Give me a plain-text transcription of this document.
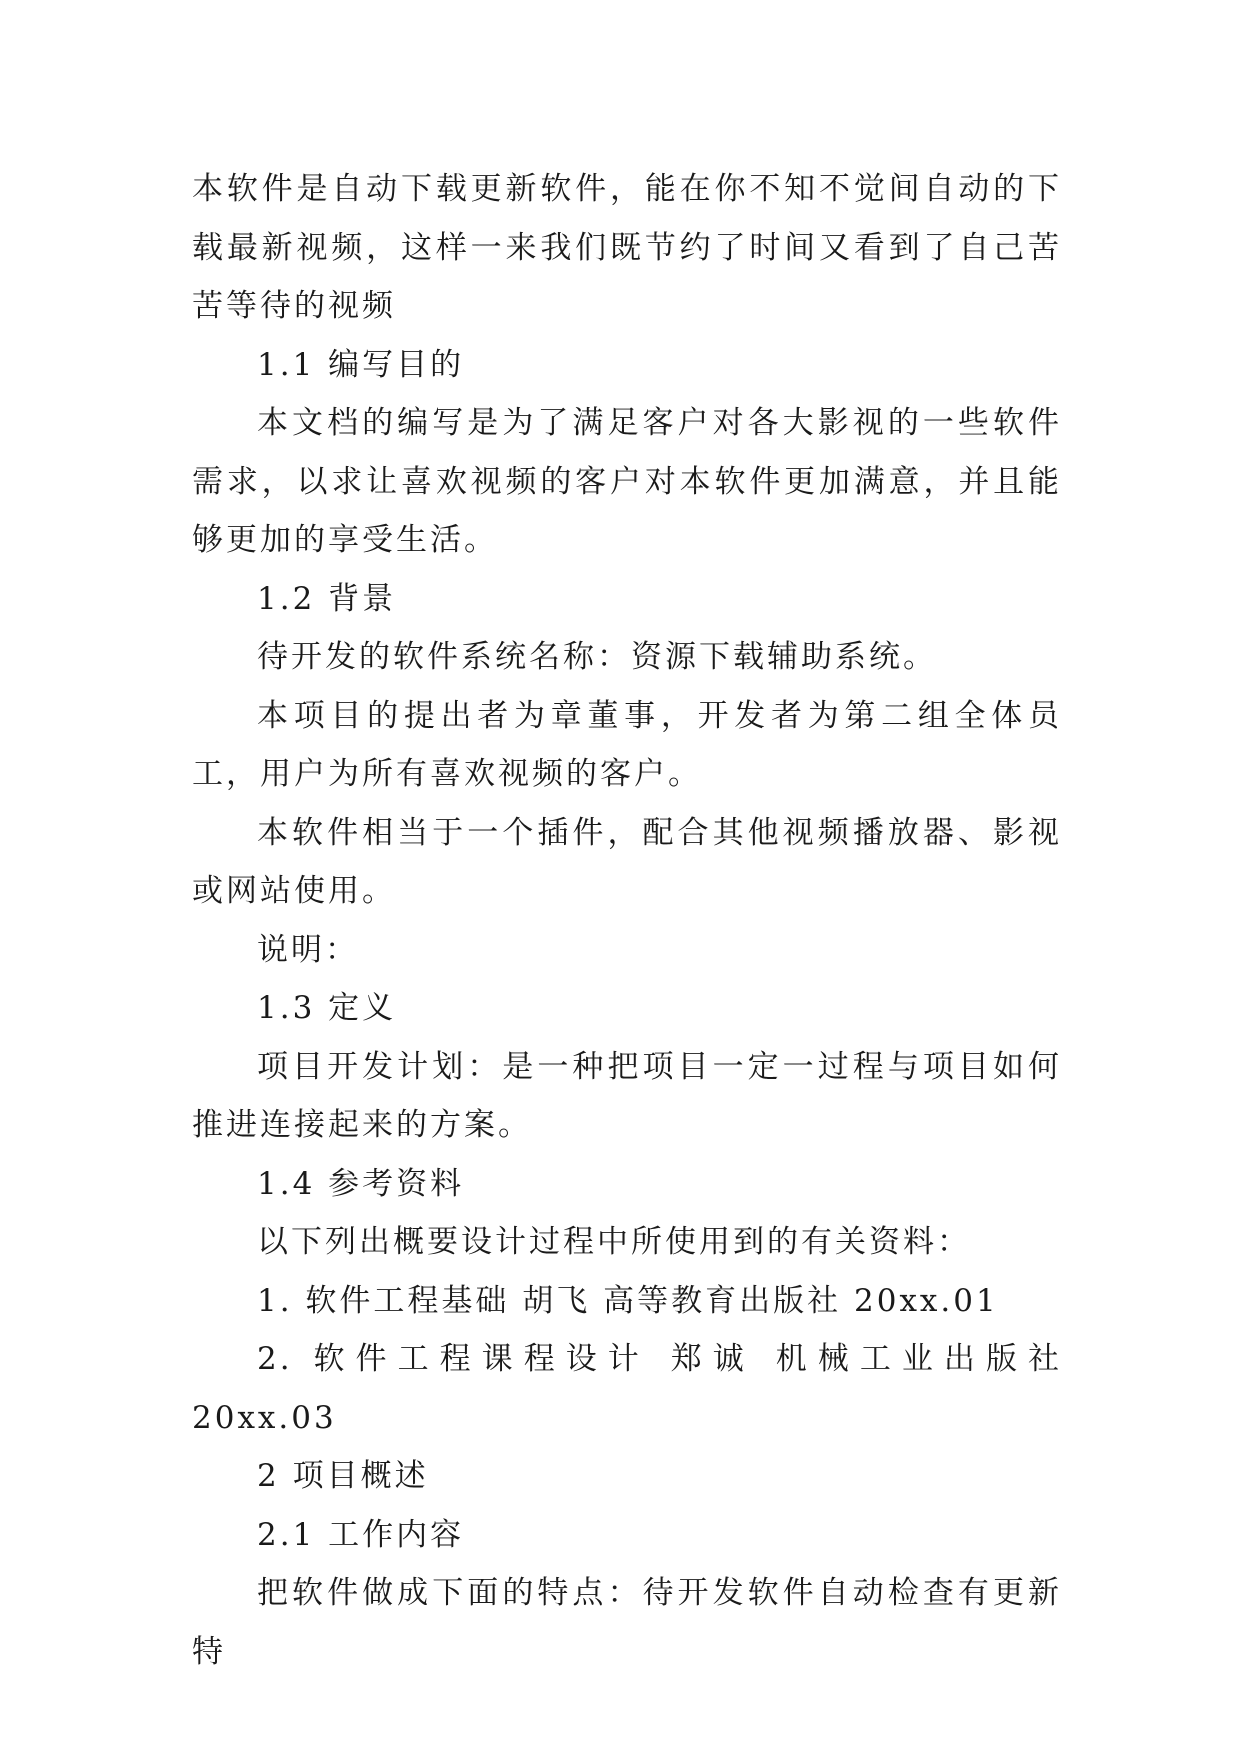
本软件是自动下载更新软件，能在你不知不觉间自动的下载最新视频，这样一来我们既节约了时间又看到了自己苦苦等待的视频

1.1 编写目的

本文档的编写是为了满足客户对各大影视的一些软件需求，以求让喜欢视频的客户对本软件更加满意，并且能够更加的享受生活。

1.2 背景

待开发的软件系统名称：资源下载辅助系统。

本项目的提出者为章董事，开发者为第二组全体员工，用户为所有喜欢视频的客户。

本软件相当于一个插件，配合其他视频播放器、影视或网站使用。

说明：

1.3 定义

项目开发计划：是一种把项目一定一过程与项目如何推进连接起来的方案。

1.4 参考资料

以下列出概要设计过程中所使用到的有关资料：

1. 软件工程基础 胡飞 高等教育出版社 20xx.01

2. 软件工程课程设计 郑诚 机械工业出版社 20xx.03

2 项目概述

2.1 工作内容

把软件做成下面的特点：待开发软件自动检查有更新特
